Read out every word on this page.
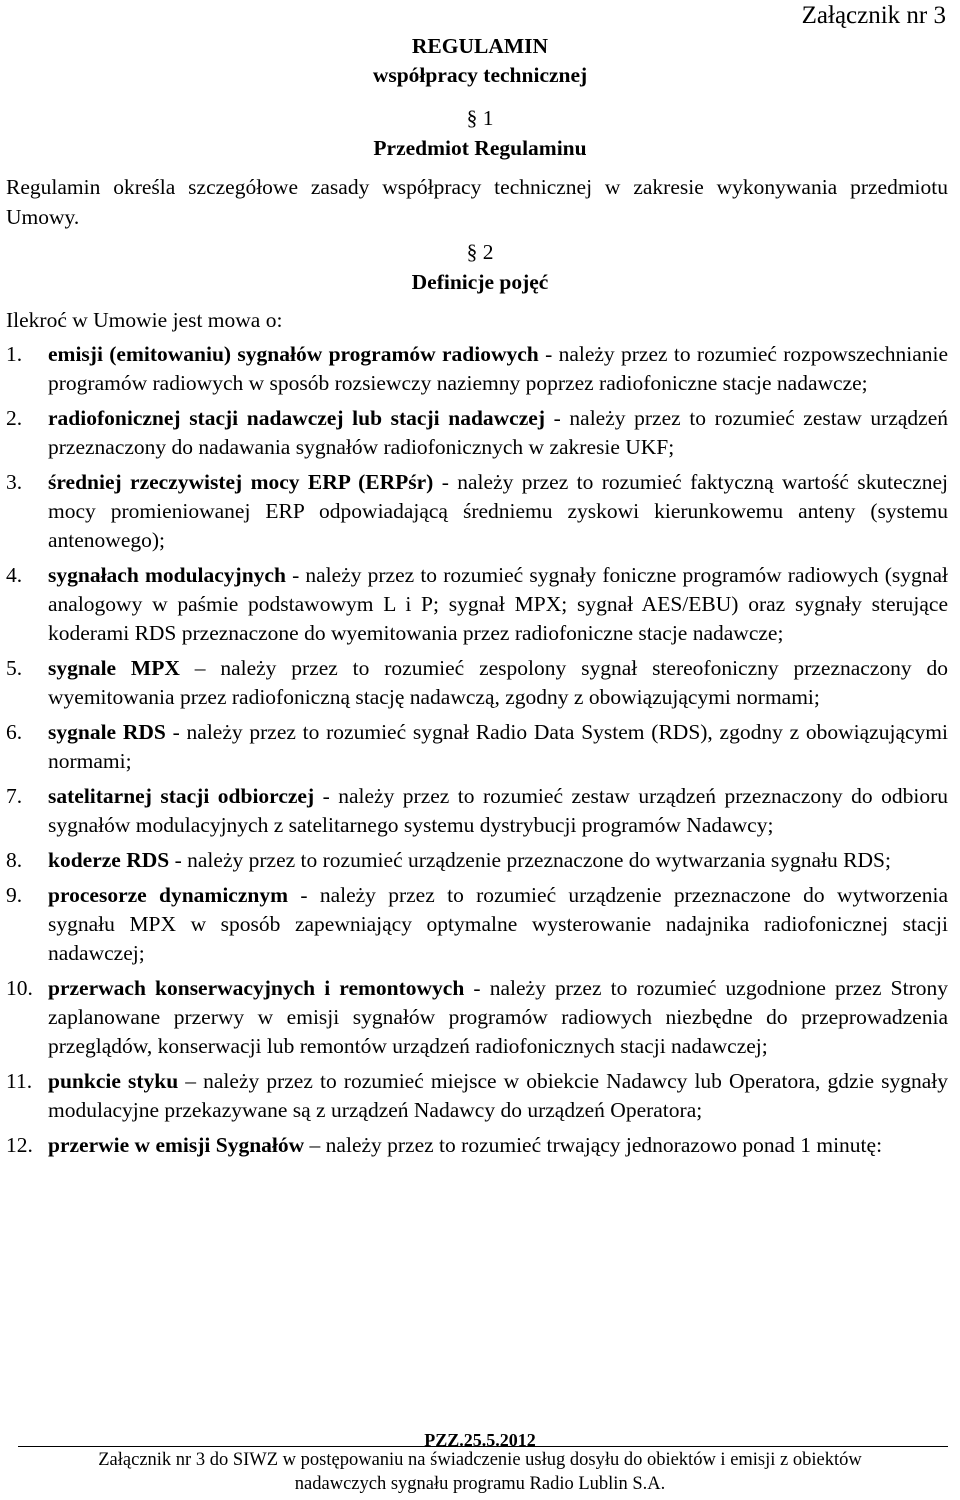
Załącznik nr 3
REGULAMIN
współpracy technicznej
§ 1
Przedmiot Regulaminu
Regulamin określa szczegółowe zasady współpracy technicznej w zakresie wykonywania przedmiotu Umowy.
§ 2
Definicje pojęć
Ilekroć w Umowie jest mowa o:
1. emisji (emitowaniu) sygnałów programów radiowych - należy przez to rozumieć rozpowszechnianie programów radiowych w sposób rozsiewczy naziemny poprzez radiofoniczne stacje nadawcze;
2. radiofonicznej stacji nadawczej lub stacji nadawczej - należy przez to rozumieć zestaw urządzeń przeznaczony do nadawania sygnałów radiofonicznych w zakresie UKF;
3. średniej rzeczywistej mocy ERP (ERPśr) - należy przez to rozumieć faktyczną wartość skutecznej mocy promieniowanej ERP odpowiadającą średniemu zyskowi kierunkowemu anteny (systemu antenowego);
4. sygnałach modulacyjnych - należy przez to rozumieć sygnały foniczne programów radiowych (sygnał analogowy w paśmie podstawowym L i P; sygnał MPX; sygnał AES/EBU) oraz sygnały sterujące koderami RDS przeznaczone do wyemitowania przez radiofoniczne stacje nadawcze;
5. sygnale MPX – należy przez to rozumieć zespolony sygnał stereofoniczny przeznaczony do wyemitowania przez radiofoniczną stację nadawczą, zgodny z obowiązującymi normami;
6. sygnale RDS - należy przez to rozumieć sygnał Radio Data System (RDS), zgodny z obowiązującymi normami;
7. satelitarnej stacji odbiorczej - należy przez to rozumieć zestaw urządzeń przeznaczony do odbioru sygnałów modulacyjnych z satelitarnego systemu dystrybucji programów Nadawcy;
8. koderze RDS - należy przez to rozumieć urządzenie przeznaczone do wytwarzania sygnału RDS;
9. procesorze dynamicznym - należy przez to rozumieć urządzenie przeznaczone do wytworzenia sygnału MPX w sposób zapewniający optymalne wysterowanie nadajnika radiofonicznej stacji nadawczej;
10. przerwach konserwacyjnych i remontowych - należy przez to rozumieć uzgodnione przez Strony zaplanowane przerwy w emisji sygnałów programów radiowych niezbędne do przeprowadzenia przeglądów, konserwacji lub remontów urządzeń radiofonicznych stacji nadawczej;
11. punkcie styku – należy przez to rozumieć miejsce w obiekcie Nadawcy lub Operatora, gdzie sygnały modulacyjne przekazywane są z urządzeń Nadawcy do urządzeń Operatora;
12. przerwie w emisji Sygnałów – należy przez to rozumieć trwający jednorazowo ponad 1 minutę:
PZZ.25.5.2012
Załącznik nr 3 do SIWZ w postępowaniu na świadczenie usług dosyłu do obiektów i emisji z obiektów
nadawczych sygnału programu Radio Lublin S.A.
